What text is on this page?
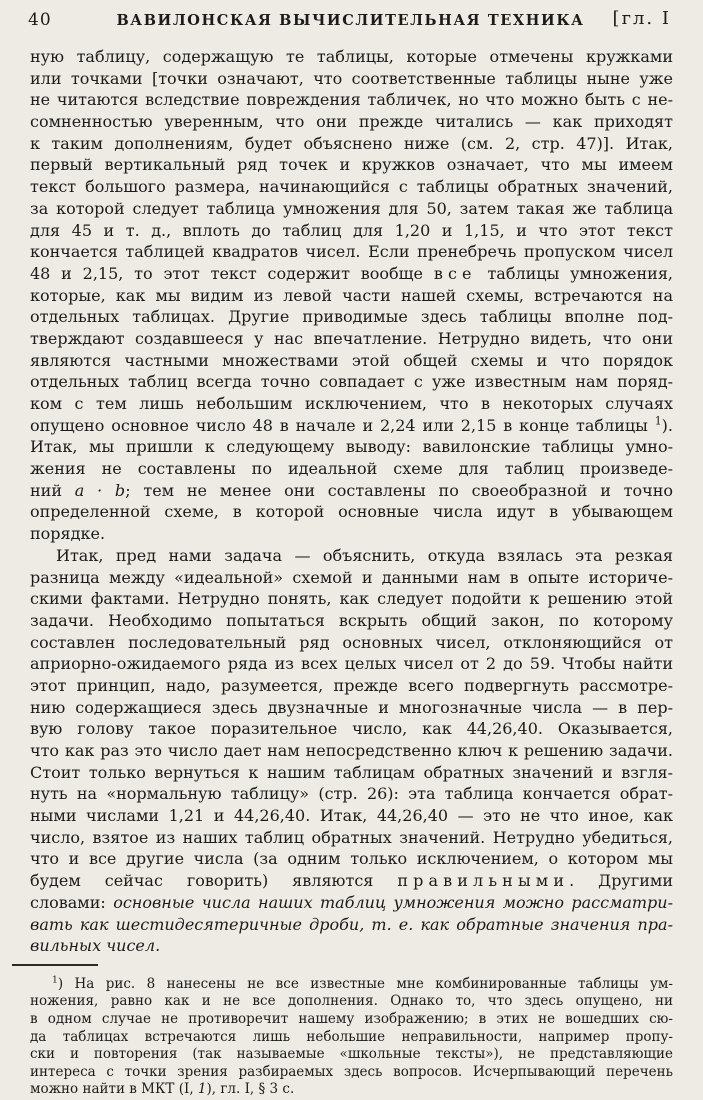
40	ВАВИЛОНСКАЯ ВЫЧИСЛИТЕЛЬНАЯ ТЕХНИКА	[гл. I
ную таблицу, содержащую те таблицы, которые отмечены кружками
или точками [точки означают, что соответственные таблицы ныне уже
не читаются вследствие повреждения табличек, но что можно быть с не-
сомненностью уверенным, что они прежде читались — как приходят
к таким дополнениям, будет объяснено ниже (см. 2, стр. 47)]. Итак,
первый вертикальный ряд точек и кружков означает, что мы имеем
текст большого размера, начинающийся с таблицы обратных значений,
за которой следует таблица умножения для 50, затем такая же таблица
для 45 и т. д., вплоть до таблиц для 1,20 и 1,15, и что этот текст
кончается таблицей квадратов чисел. Если пренебречь пропуском чисел
48 и 2,15, то этот текст содержит вообще все таблицы умножения,
которые, как мы видим из левой части нашей схемы, встречаются на
отдельных таблицах. Другие приводимые здесь таблицы вполне под-
тверждают создавшееся у нас впечатление. Нетрудно видеть, что они
являются частными множествами этой общей схемы и что порядок
отдельных таблиц всегда точно совпадает с уже известным нам поряд-
ком с тем лишь небольшим исключением, что в некоторых случаях
опущено основное число 48 в начале и 2,24 или 2,15 в конце таблицы $^1$).
Итак, мы пришли к следующему выводу: вавилонские таблицы умно-
жения не составлены по идеальной схеме для таблиц произведе-
ний a · b; тем не менее они составлены по своеобразной и точно
определенной схеме, в которой основные числа идут в убывающем
порядке.
Итак, пред нами задача — объяснить, откуда взялась эта резкая
разница между «идеальной» схемой и данными нам в опыте историче-
скими фактами. Нетрудно понять, как следует подойти к решению этой
задачи. Необходимо попытаться вскрыть общий закон, по которому
составлен последовательный ряд основных чисел, отклоняющийся от
априорно-ожидаемого ряда из всех целых чисел от 2 до 59. Чтобы найти
этот принцип, надо, разумеется, прежде всего подвергнуть рассмотре-
нию содержащиеся здесь двузначные и многозначные числа — в пер-
вую голову такое поразительное число, как 44,26,40. Оказывается,
что как раз это число дает нам непосредственно ключ к решению задачи.
Стоит только вернуться к нашим таблицам обратных значений и взгля-
нуть на «нормальную таблицу» (стр. 26): эта таблица кончается обрат-
ными числами 1,21 и 44,26,40. Итак, 44,26,40 — это не что иное, как
число, взятое из наших таблиц обратных значений. Нетрудно убедиться,
что и все другие числа (за одним только исключением, о котором мы
будем сейчас говорить) являются правильными. Другими
словами: основные числа наших таблиц умножения можно рассматри-
вать как шестидесятеричные дроби, т. е. как обратные значения пра-
вильных чисел.
$^1$) На рис. 8 нанесены не все известные мне комбинированные таблицы ум-
ножения, равно как и не все дополнения. Однако то, что здесь опущено, ни
в одном случае не противоречит нашему изображению; в этих не вошедших сю-
да таблицах встречаются лишь небольшие неправильности, например пропу-
ски и повторения (так называемые «школьные тексты»), не представляющие
интереса с точки зрения разбираемых здесь вопросов. Исчерпывающий перечень
можно найти в МКТ (I, 1), гл. I, § 3 с.
